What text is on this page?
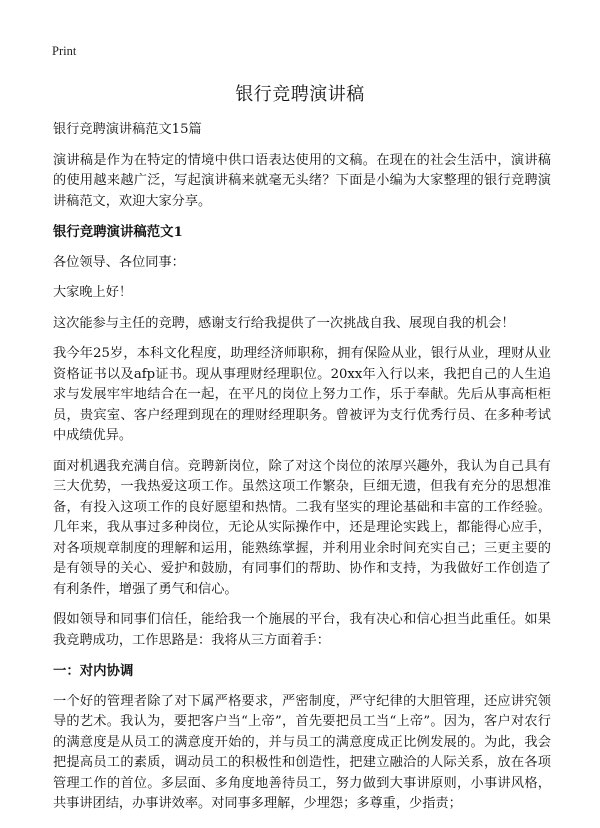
Print
银行竞聘演讲稿

银行竞聘演讲稿范文15篇

演讲稿是作为在特定的情境中供口语表达使用的文稿。在现在的社会生活中，演讲稿的使用越来越广泛，写起演讲稿来就毫无头绪？下面是小编为大家整理的银行竞聘演讲稿范文，欢迎大家分享。

银行竞聘演讲稿范文1

各位领导、各位同事：

大家晚上好！

这次能参与主任的竞聘，感谢支行给我提供了一次挑战自我、展现自我的机会！

我今年25岁，本科文化程度，助理经济师职称，拥有保险从业，银行从业，理财从业资格证书以及afp证书。现从事理财经理职位。20xx年入行以来，我把自己的人生追求与发展牢牢地结合在一起，在平凡的岗位上努力工作，乐于奉献。先后从事高柜柜员，贵宾室、客户经理到现在的理财经理职务。曾被评为支行优秀行员、在多种考试中成绩优异。

面对机遇我充满自信。竞聘新岗位，除了对这个岗位的浓厚兴趣外，我认为自己具有三大优势，一我热爱这项工作。虽然这项工作繁杂，巨细无遗，但我有充分的思想准备，有投入这项工作的良好愿望和热情。二我有坚实的理论基础和丰富的工作经验。几年来，我从事过多种岗位，无论从实际操作中，还是理论实践上，都能得心应手，对各项规章制度的理解和运用，能熟练掌握，并利用业余时间充实自己；三更主要的是有领导的关心、爱护和鼓励，有同事们的帮助、协作和支持，为我做好工作创造了有利条件，增强了勇气和信心。

假如领导和同事们信任，能给我一个施展的平台，我有决心和信心担当此重任。如果我竞聘成功，工作思路是：我将从三方面着手：

一：对内协调

一个好的管理者除了对下属严格要求，严密制度，严守纪律的大胆管理，还应讲究领导的艺术。我认为，要把客户当“上帝”，首先要把员工当“上帝”。因为，客户对农行的满意度是从员工的满意度开始的，并与员工的满意度成正比例发展的。为此，我会把提高员工的素质，调动员工的积极性和创造性，把建立融洽的人际关系，放在各项管理工作的首位。多层面、多角度地善待员工，努力做到大事讲原则，小事讲风格，共事讲团结，办事讲效率。对同事多理解，少埋怨；多尊重，少指责；
